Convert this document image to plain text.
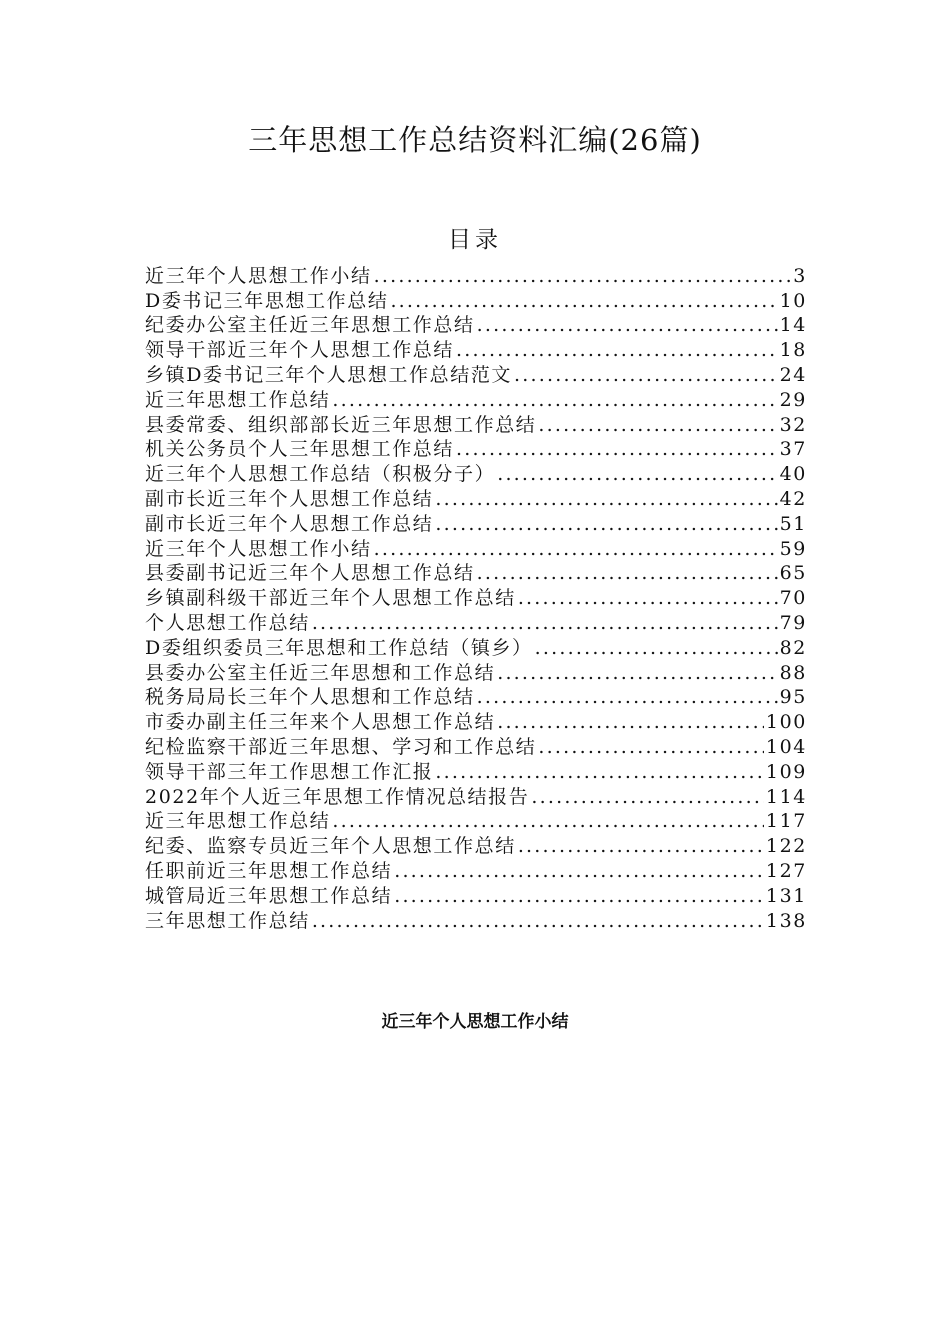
三年思想工作总结资料汇编(26篇)
目录
近三年个人思想工作小结 .....	3
D委书记三年思想工作总结 .....	10
纪委办公室主任近三年思想工作总结 .....	14
领导干部近三年个人思想工作总结 .....	18
乡镇D委书记三年个人思想工作总结范文 .....	24
近三年思想工作总结 .....	29
县委常委、组织部部长近三年思想工作总结 .....	32
机关公务员个人三年思想工作总结 .....	37
近三年个人思想工作总结（积极分子） .....	40
副市长近三年个人思想工作总结 .....	42
副市长近三年个人思想工作总结 .....	51
近三年个人思想工作小结 .....	59
县委副书记近三年个人思想工作总结 .....	65
乡镇副科级干部近三年个人思想工作总结 .....	70
个人思想工作总结 .....	79
D委组织委员三年思想和工作总结（镇乡） .....	82
县委办公室主任近三年思想和工作总结 .....	88
税务局局长三年个人思想和工作总结 .....	95
市委办副主任三年来个人思想工作总结 .....	100
纪检监察干部近三年思想、学习和工作总结 .....	104
领导干部三年工作思想工作汇报 .....	109
2022年个人近三年思想工作情况总结报告 .....	114
近三年思想工作总结 .....	117
纪委、监察专员近三年个人思想工作总结 .....	122
任职前近三年思想工作总结 .....	127
城管局近三年思想工作总结 .....	131
三年思想工作总结 .....	138
近三年个人思想工作小结
